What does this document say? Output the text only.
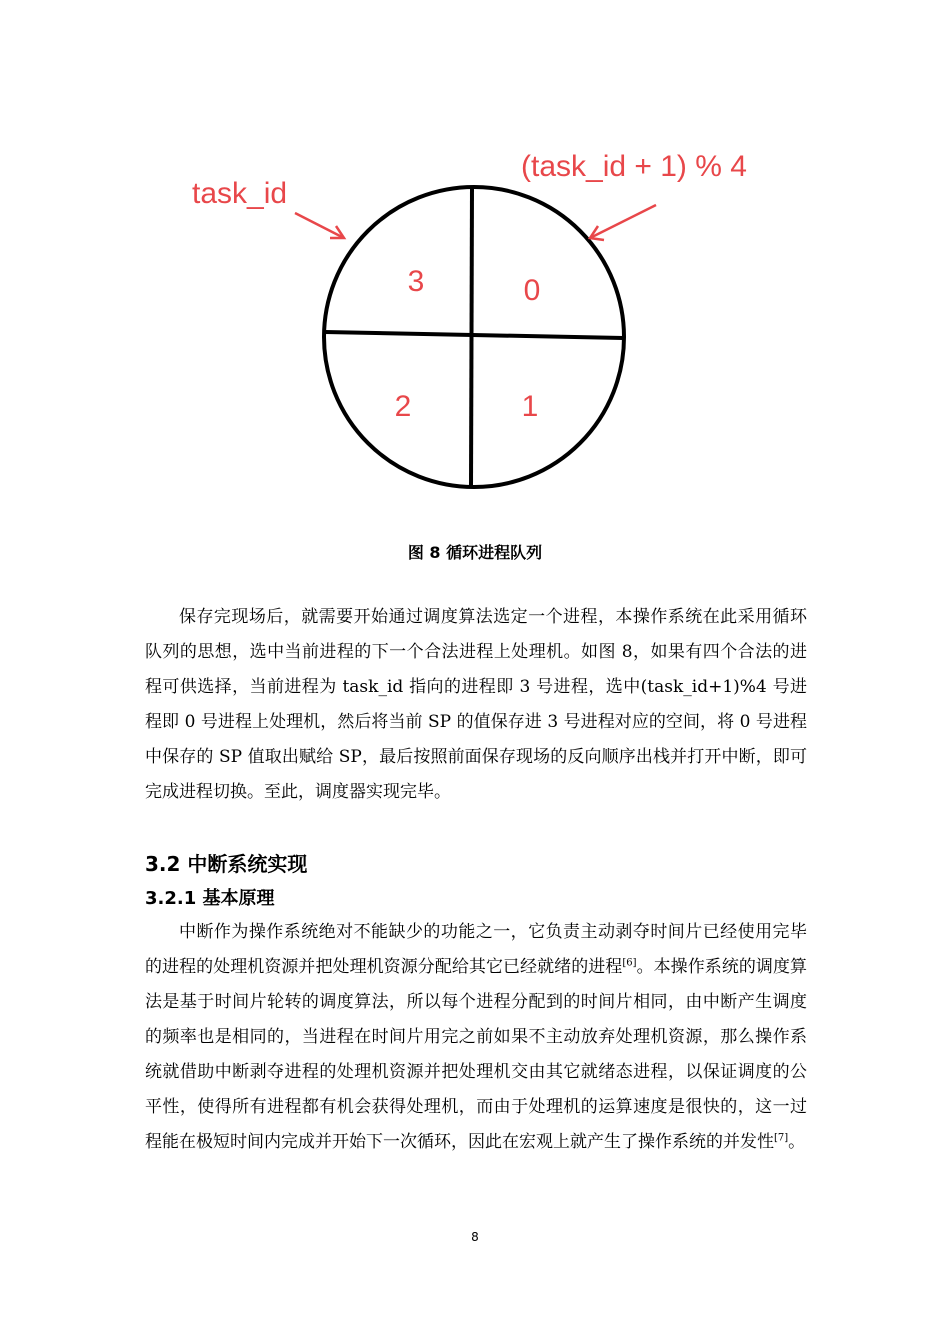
3	0
2	1
task_id
(task_id + 1) % 4
图 8 循环进程队列

保存完现场后，就需要开始通过调度算法选定一个进程，本操作系统在此采用循环队列的思想，选中当前进程的下一个合法进程上处理机。如图 8，如果有四个合法的进程可供选择，当前进程为 task_id 指向的进程即 3 号进程，选中(task_id+1)%4 号进程即 0 号进程上处理机，然后将当前 SP 的值保存进 3 号进程对应的空间，将 0 号进程中保存的 SP 值取出赋给 SP，最后按照前面保存现场的反向顺序出栈并打开中断，即可完成进程切换。至此，调度器实现完毕。

3.2 中断系统实现
3.2.1 基本原理

中断作为操作系统绝对不能缺少的功能之一，它负责主动剥夺时间片已经使用完毕的进程的处理机资源并把处理机资源分配给其它已经就绪的进程[6]。本操作系统的调度算法是基于时间片轮转的调度算法，所以每个进程分配到的时间片相同，由中断产生调度的频率也是相同的，当进程在时间片用完之前如果不主动放弃处理机资源，那么操作系统就借助中断剥夺进程的处理机资源并把处理机交由其它就绪态进程，以保证调度的公平性，使得所有进程都有机会获得处理机，而由于处理机的运算速度是很快的，这一过程能在极短时间内完成并开始下一次循环，因此在宏观上就产生了操作系统的并发性[7]。

8
